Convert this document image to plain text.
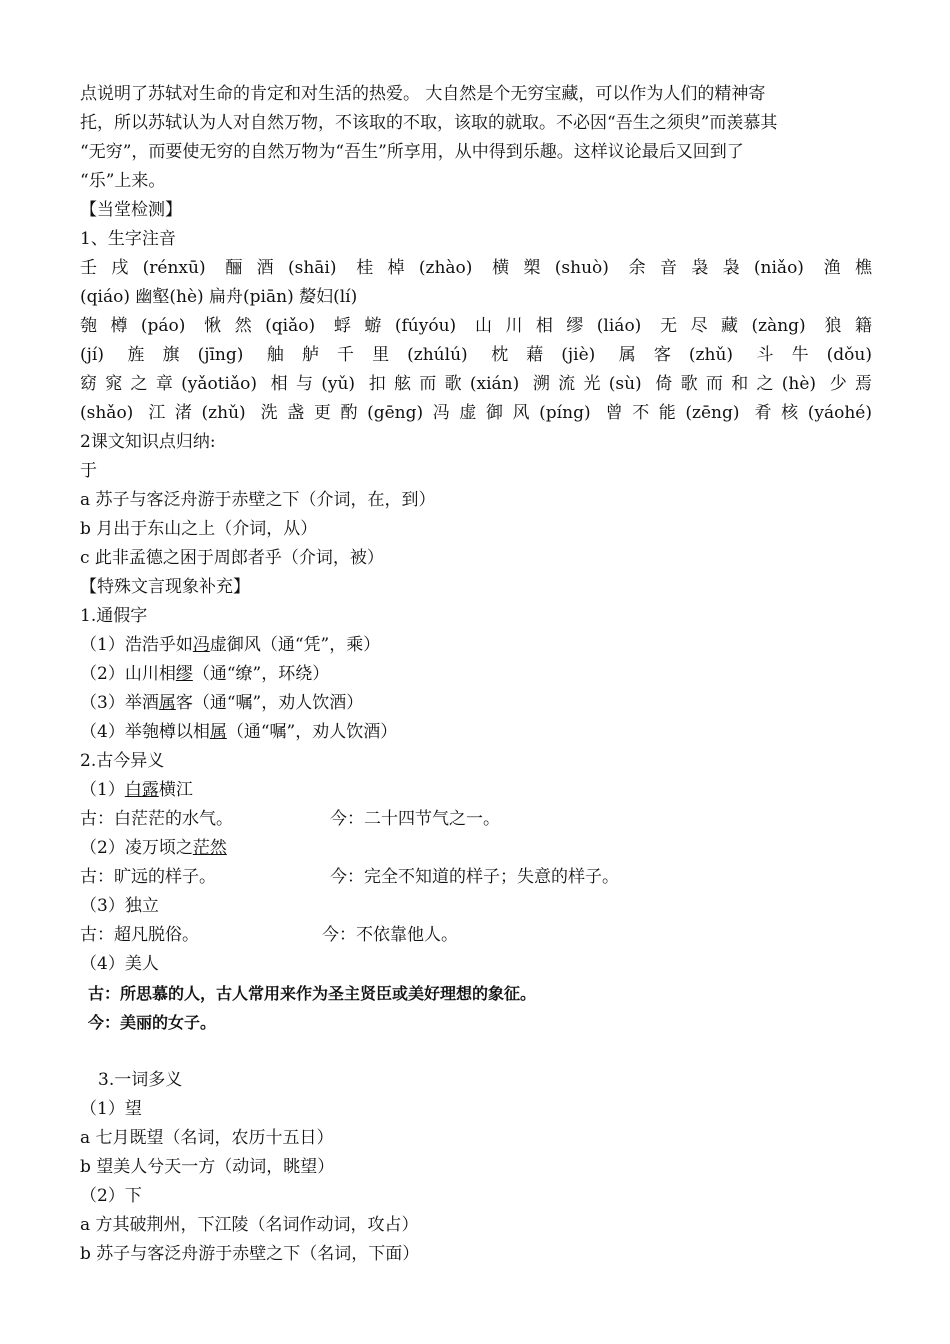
点说明了苏轼对生命的肯定和对生活的热爱。 大自然是个无穷宝藏，可以作为人们的精神寄
托，所以苏轼认为人对自然万物，不该取的不取，该取的就取。不必因“吾生之须臾”而羡慕其
“无穷”，而要使无穷的自然万物为“吾生”所享用，从中得到乐趣。这样议论最后又回到了
“乐”上来。
【当堂检测】
1、生字注音
壬戌(rénxū) 酾酒(shāi) 桂棹(zhào) 横槊(shuò) 余音袅袅(niǎo) 渔樵
(qiáo) 幽壑(hè) 扁舟(piān) 嫠妇(lí)
匏樽(páo) 愀然(qiǎo) 蜉蝣(fúyóu) 山川相缪(liáo) 无尽藏(zàng) 狼籍
(jí) 旌旗(jīng) 舳舻千里(zhúlú) 枕藉(jiè) 属客(zhǔ) 斗牛(dǒu)
窈窕之章(yǎotiǎo) 相与(yǔ) 扣舷而歌(xián) 溯流光(sù) 倚歌而和之(hè) 少焉
(shǎo) 江渚(zhǔ) 洗盏更酌(gēng)冯虚御风(píng) 曾不能(zēng) 肴核(yáohé)
2课文知识点归纳:
于
a 苏子与客泛舟游于赤壁之下（介词，在，到）
b 月出于东山之上（介词，从）
c 此非孟德之困于周郎者乎（介词，被）
【特殊文言现象补充】
1.通假字
（1）浩浩乎如冯虚御风（通“凭”，乘）
（2）山川相缪（通“缭”，环绕）
（3）举酒属客（通“嘱”，劝人饮酒）
（4）举匏樽以相属（通“嘱”，劝人饮酒）
2.古今异义
（1）白露横江
古：白茫茫的水气。	今：二十四节气之一。
（2）凌万顷之茫然
古：旷远的样子。	今：完全不知道的样子；失意的样子。
（3）独立
古：超凡脱俗。	今：不依靠他人。
（4）美人
古：所思慕的人，古人常用来作为圣主贤臣或美好理想的象征。
今：美丽的女子。
3.一词多义
（1）望
a 七月既望（名词，农历十五日）
b 望美人兮天一方（动词，眺望）
（2）下
a 方其破荆州，下江陵（名词作动词，攻占）
b 苏子与客泛舟游于赤壁之下（名词，下面）
